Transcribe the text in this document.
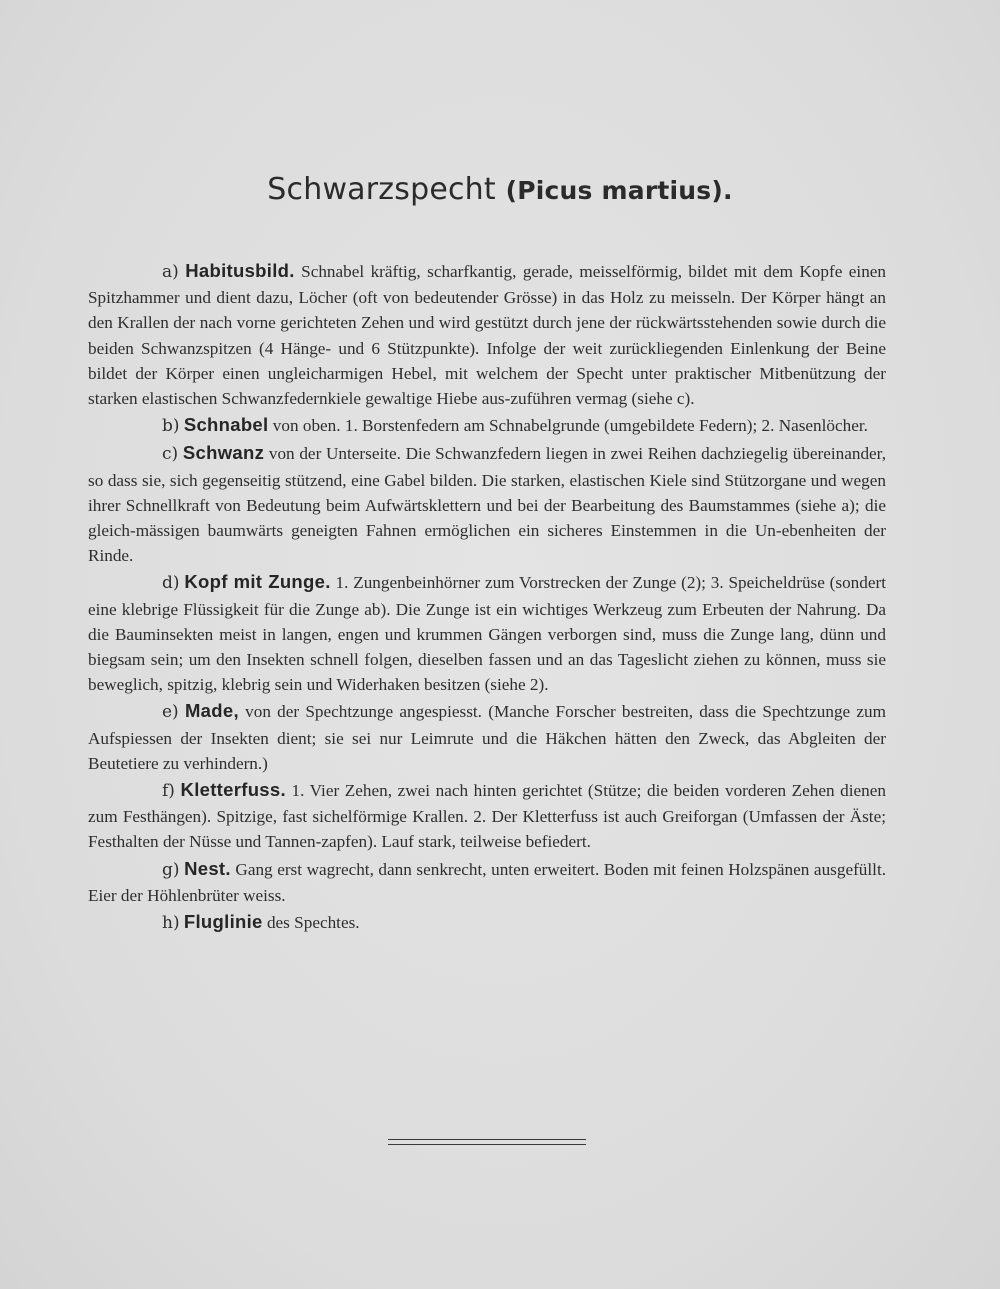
Schwarzspecht (Picus martius).

a) Habitusbild. Schnabel kräftig, scharfkantig, gerade, meisselförmig, bildet mit dem Kopfe einen Spitzhammer und dient dazu, Löcher (oft von bedeutender Grösse) in das Holz zu meisseln. Der Körper hängt an den Krallen der nach vorne gerichteten Zehen und wird gestützt durch jene der rückwärtsstehenden sowie durch die beiden Schwanzspitzen (4 Hänge- und 6 Stützpunkte). Infolge der weit zurückliegenden Einlenkung der Beine bildet der Körper einen ungleicharmigen Hebel, mit welchem der Specht unter praktischer Mitbenützung der starken elastischen Schwanzfedernkiele gewaltige Hiebe aus-zuführen vermag (siehe c).

b) Schnabel von oben. 1. Borstenfedern am Schnabelgrunde (umgebildete Federn); 2. Nasenlöcher.

c) Schwanz von der Unterseite. Die Schwanzfedern liegen in zwei Reihen dachziegelig übereinander, so dass sie, sich gegenseitig stützend, eine Gabel bilden. Die starken, elastischen Kiele sind Stützorgane und wegen ihrer Schnellkraft von Bedeutung beim Aufwärtsklettern und bei der Bearbeitung des Baumstammes (siehe a); die gleich-mässigen baumwärts geneigten Fahnen ermöglichen ein sicheres Einstemmen in die Un-ebenheiten der Rinde.

d) Kopf mit Zunge. 1. Zungenbeinhörner zum Vorstrecken der Zunge (2); 3. Speicheldrüse (sondert eine klebrige Flüssigkeit für die Zunge ab). Die Zunge ist ein wichtiges Werkzeug zum Erbeuten der Nahrung. Da die Bauminsekten meist in langen, engen und krummen Gängen verborgen sind, muss die Zunge lang, dünn und biegsam sein; um den Insekten schnell folgen, dieselben fassen und an das Tageslicht ziehen zu können, muss sie beweglich, spitzig, klebrig sein und Widerhaken besitzen (siehe 2).

e) Made, von der Spechtzunge angespiesst. (Manche Forscher bestreiten, dass die Spechtzunge zum Aufspiessen der Insekten dient; sie sei nur Leimrute und die Häkchen hätten den Zweck, das Abgleiten der Beutetiere zu verhindern.)

f) Kletterfuss. 1. Vier Zehen, zwei nach hinten gerichtet (Stütze; die beiden vorderen Zehen dienen zum Festhängen). Spitzige, fast sichelförmige Krallen. 2. Der Kletterfuss ist auch Greiforgan (Umfassen der Äste; Festhalten der Nüsse und Tannen-zapfen). Lauf stark, teilweise befiedert.

g) Nest. Gang erst wagrecht, dann senkrecht, unten erweitert. Boden mit feinen Holzspänen ausgefüllt. Eier der Höhlenbrüter weiss.

h) Fluglinie des Spechtes.
